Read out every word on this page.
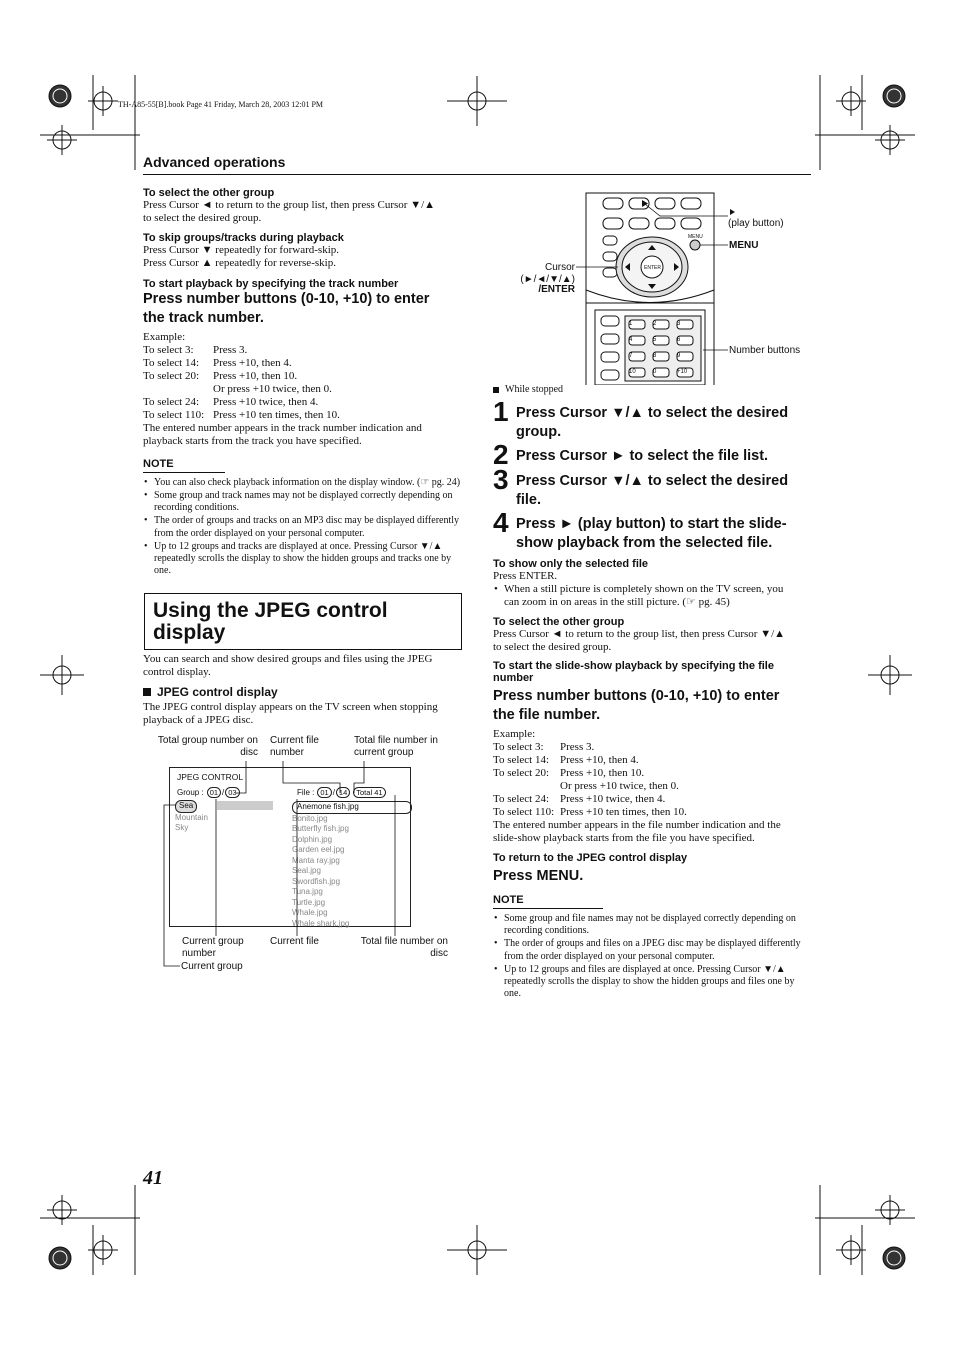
TH-A85-55[B].book Page 41 Friday, March 28, 2003 12:01 PM
Advanced operations
To select the other group
Press Cursor ◄ to return to the group list, then press Cursor ▼/▲
to select the desired group.
To skip groups/tracks during playback
Press Cursor ▼ repeatedly for forward-skip.
Press Cursor ▲ repeatedly for reverse-skip.
To start playback by specifying the track number
Press number buttons (0-10, +10) to enter
the track number.
Example:
To select 3:	Press 3.
To select 14:	Press +10, then 4.
To select 20:	Press +10, then 10.
Or press +10 twice, then 0.
To select 24:	Press +10 twice, then 4.
To select 110: Press +10 ten times, then 10.
The entered number appears in the track number indication and
playback starts from the track you have specified.
NOTE
• You can also check playback information on the display window. (☞ pg. 24)
• Some group and track names may not be displayed correctly depending on recording conditions.
• The order of groups and tracks on an MP3 disc may be displayed differently from the order displayed on your personal computer.
• Up to 12 groups and tracks are displayed at once. Pressing Cursor ▼/▲ repeatedly scrolls the display to show the hidden groups and tracks one by one.
Using the JPEG control
display
You can search and show desired groups and files using the JPEG
control display.
JPEG control display
The JPEG control display appears on the TV screen when stopping
playback of a JPEG disc.
Total group number on disc
Current file number
Total file number in current group
JPEG CONTROL
Group : 01 / 03	File : 01 / 14	Total 41
Sea
Mountain
Sky
Anemone fish.jpg
Bonito.jpg
Butterfly fish.jpg
Dolphin.jpg
Garden eel.jpg
Manta ray.jpg
Seal.jpg
Swordfish.jpg
Tuna.jpg
Turtle.jpg
Whale.jpg
Whale shark.jpg
Current group number
Current file	Total file number on disc
Current group
MENU
ENTER
1	2	3
4	5	6
7	8	9
10	0	+10
(play button)
MENU
Cursor
(►/◄/▼/▲)
/ENTER
Number buttons
While stopped
1 Press Cursor ▼/▲ to select the desired
group.
2 Press Cursor ► to select the file list.
3 Press Cursor ▼/▲ to select the desired
file.
4 Press ► (play button) to start the slide-
show playback from the selected file.
To show only the selected file
Press ENTER.
• When a still picture is completely shown on the TV screen, you
can zoom in on areas in the still picture. (☞ pg. 45)
To select the other group
Press Cursor ◄ to return to the group list, then press Cursor ▼/▲
to select the desired group.
To start the slide-show playback by specifying the file
number
Press number buttons (0-10, +10) to enter
the file number.
Example:
To select 3:	Press 3.
To select 14: Press +10, then 4.
To select 20: Press +10, then 10.
Or press +10 twice, then 0.
To select 24: Press +10 twice, then 4.
To select 110: Press +10 ten times, then 10.
The entered number appears in the file number indication and the
slide-show playback starts from the file you have specified.
To return to the JPEG control display
Press MENU.
NOTE
• Some group and file names may not be displayed correctly depending on recording conditions.
• The order of groups and files on a JPEG disc may be displayed differently from the order displayed on your personal computer.
• Up to 12 groups and files are displayed at once. Pressing Cursor ▼/▲ repeatedly scrolls the display to show the hidden groups and files one by one.
41
